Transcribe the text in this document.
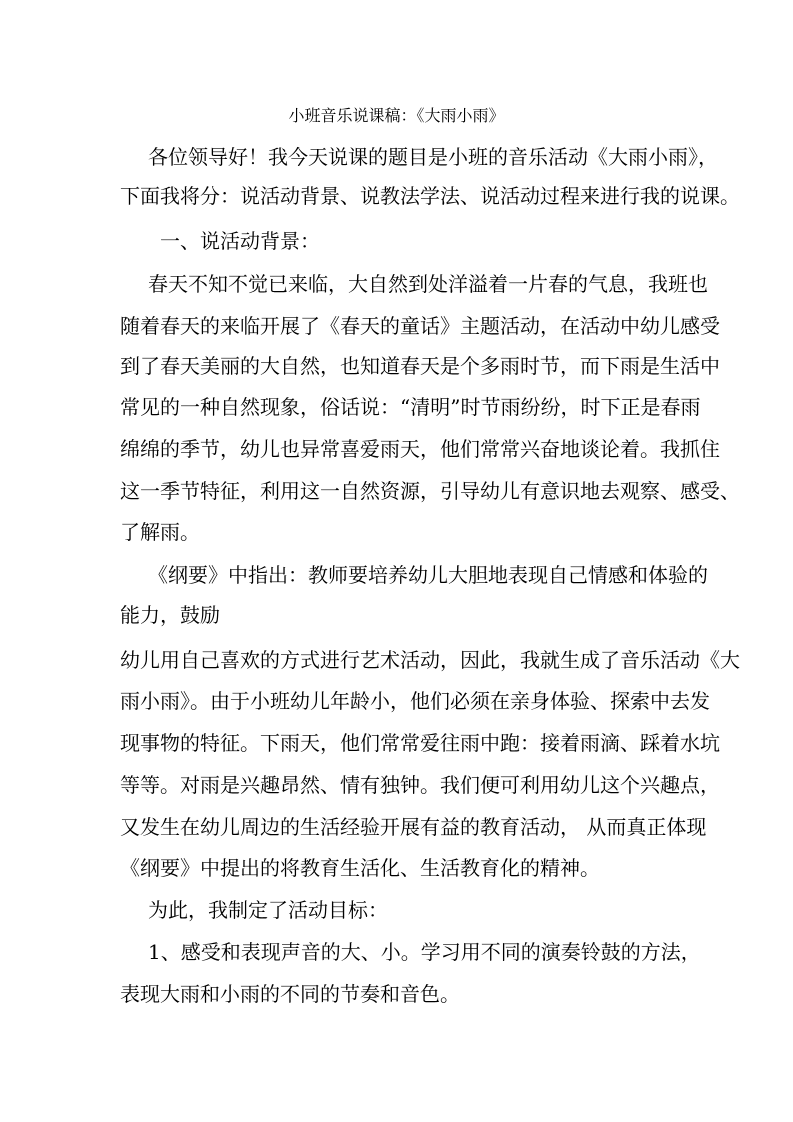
小班音乐说课稿：《大雨小雨》
各位领导好！我今天说课的题目是小班的音乐活动《大雨小雨》，
下面我将分：说活动背景、说教法学法、说活动过程来进行我的说课。
一、说活动背景：
春天不知不觉已来临，大自然到处洋溢着一片春的气息，我班也
随着春天的来临开展了《春天的童话》主题活动，在活动中幼儿感受
到了春天美丽的大自然，也知道春天是个多雨时节，而下雨是生活中
常见的一种自然现象，俗话说：“清明”时节雨纷纷，时下正是春雨
绵绵的季节，幼儿也异常喜爱雨天，他们常常兴奋地谈论着。我抓住
这一季节特征，利用这一自然资源，引导幼儿有意识地去观察、感受、
了解雨。
《纲要》中指出：教师要培养幼儿大胆地表现自己情感和体验的
能力，鼓励
幼儿用自己喜欢的方式进行艺术活动，因此，我就生成了音乐活动《大
雨小雨》。由于小班幼儿年龄小，他们必须在亲身体验、探索中去发
现事物的特征。下雨天，他们常常爱往雨中跑：接着雨滴、踩着水坑
等等。对雨是兴趣昂然、情有独钟。我们便可利用幼儿这个兴趣点，
又发生在幼儿周边的生活经验开展有益的教育活动， 从而真正体现
《纲要》中提出的将教育生活化、生活教育化的精神。
为此，我制定了活动目标：
1、感受和表现声音的大、小。学习用不同的演奏铃鼓的方法，
表现大雨和小雨的不同的节奏和音色。
